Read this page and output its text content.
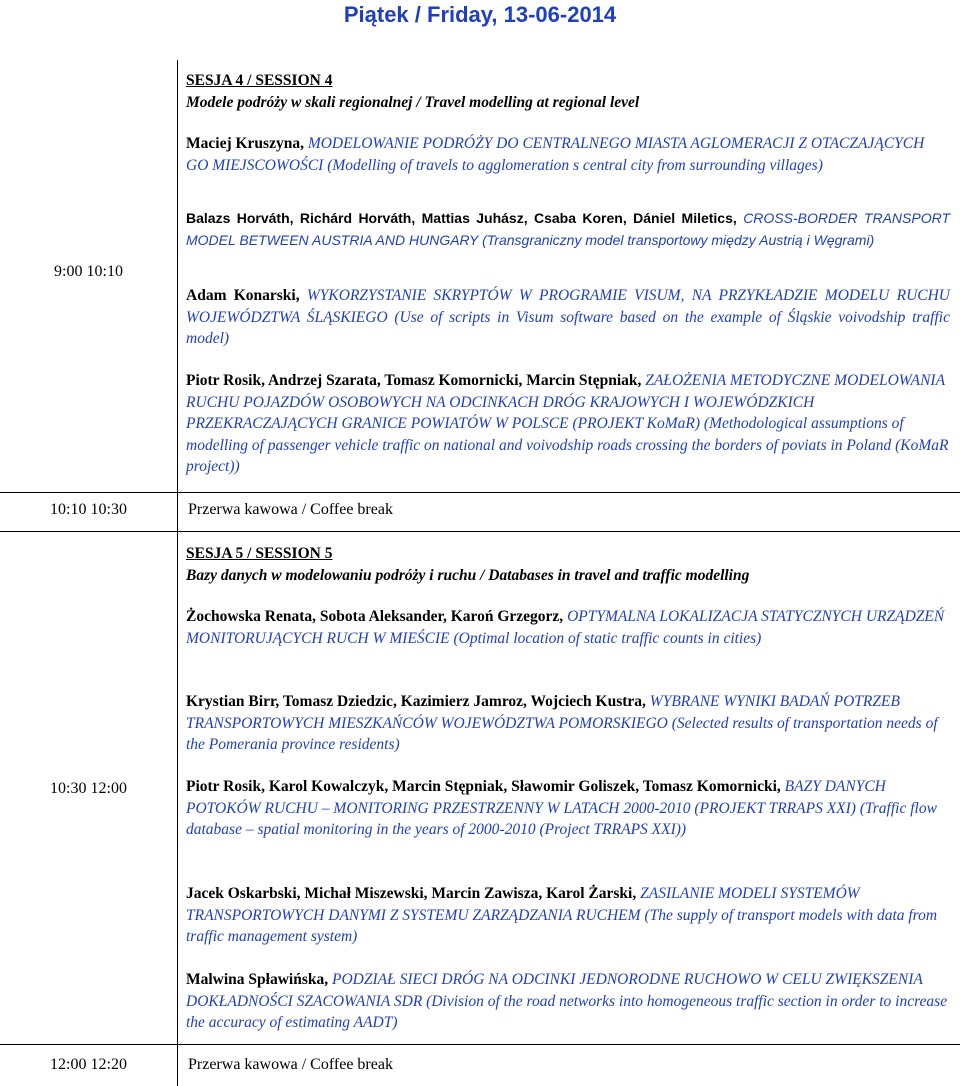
Piątek / Friday, 13-06-2014
9:00 10:10
SESJA 4 / SESSION 4
Modele podróży w skali regionalnej / Travel modelling at regional level
Maciej Kruszyna, MODELOWANIE PODRÓŻY DO CENTRALNEGO MIASTA AGLOMERACJI Z OTACZAJĄCYCH GO MIEJSCOWOŚCI (Modelling of travels to agglomeration s central city from surrounding villages)
Balazs Horváth, Richárd Horváth, Mattias Juhász, Csaba Koren, Dániel Miletics, CROSS-BORDER TRANSPORT MODEL BETWEEN AUSTRIA AND HUNGARY (Transgraniczny model transportowy między Austrią i Węgrami)
Adam Konarski, WYKORZYSTANIE SKRYPTÓW W PROGRAMIE VISUM, NA PRZYKŁADZIE MODELU RUCHU WOJEWÓDZTWA ŚLĄSKIEGO (Use of scripts in Visum software based on the example of Śląskie voivodship traffic model)
Piotr Rosik, Andrzej Szarata, Tomasz Komornicki, Marcin Stępniak, ZAŁOŻENIA METODYCZNE MODELOWANIA RUCHU POJAZDÓW OSOBOWYCH NA ODCINKACH DRÓG KRAJOWYCH I WOJEWÓDZKICH PRZEKRACZAJĄCYCH GRANICE POWIATÓW W POLSCE (PROJEKT KoMaR) (Methodological assumptions of modelling of passenger vehicle traffic on national and voivodship roads crossing the borders of poviats in Poland (KoMaR project))
10:10 10:30	Przerwa kawowa / Coffee break
10:30 12:00
SESJA 5 / SESSION 5
Bazy danych w modelowaniu podróży i ruchu / Databases in travel and traffic modelling
Żochowska Renata, Sobota Aleksander, Karoń Grzegorz, OPTYMALNA LOKALIZACJA STATYCZNYCH URZĄDZEŃ MONITORUJĄCYCH RUCH W MIEŚCIE (Optimal location of static traffic counts in cities)
Krystian Birr, Tomasz Dziedzic, Kazimierz Jamroz, Wojciech Kustra, WYBRANE WYNIKI BADAŃ POTRZEB TRANSPORTOWYCH MIESZKAŃCÓW WOJEWÓDZTWA POMORSKIEGO (Selected results of transportation needs of the Pomerania province residents)
Piotr Rosik, Karol Kowalczyk, Marcin Stępniak, Sławomir Goliszek, Tomasz Komornicki, BAZY DANYCH POTOKÓW RUCHU – MONITORING PRZESTRZENNY W LATACH 2000-2010 (PROJEKT TRRAPS XXI) (Traffic flow database – spatial monitoring in the years of 2000-2010 (Project TRRAPS XXI))
Jacek Oskarbski, Michał Miszewski, Marcin Zawisza, Karol Żarski, ZASILANIE MODELI SYSTEMÓW TRANSPORTOWYCH DANYMI Z SYSTEMU ZARZĄDZANIA RUCHEM (The supply of transport models with data from traffic management system)
Malwina Spławińska, PODZIAŁ SIECI DRÓG NA ODCINKI JEDNORODNE RUCHOWO W CELU ZWIĘKSZENIA DOKŁADNOŚCI SZACOWANIA SDR (Division of the road networks into homogeneous traffic section in order to increase the accuracy of estimating AADT)
12:00 12:20	Przerwa kawowa / Coffee break
